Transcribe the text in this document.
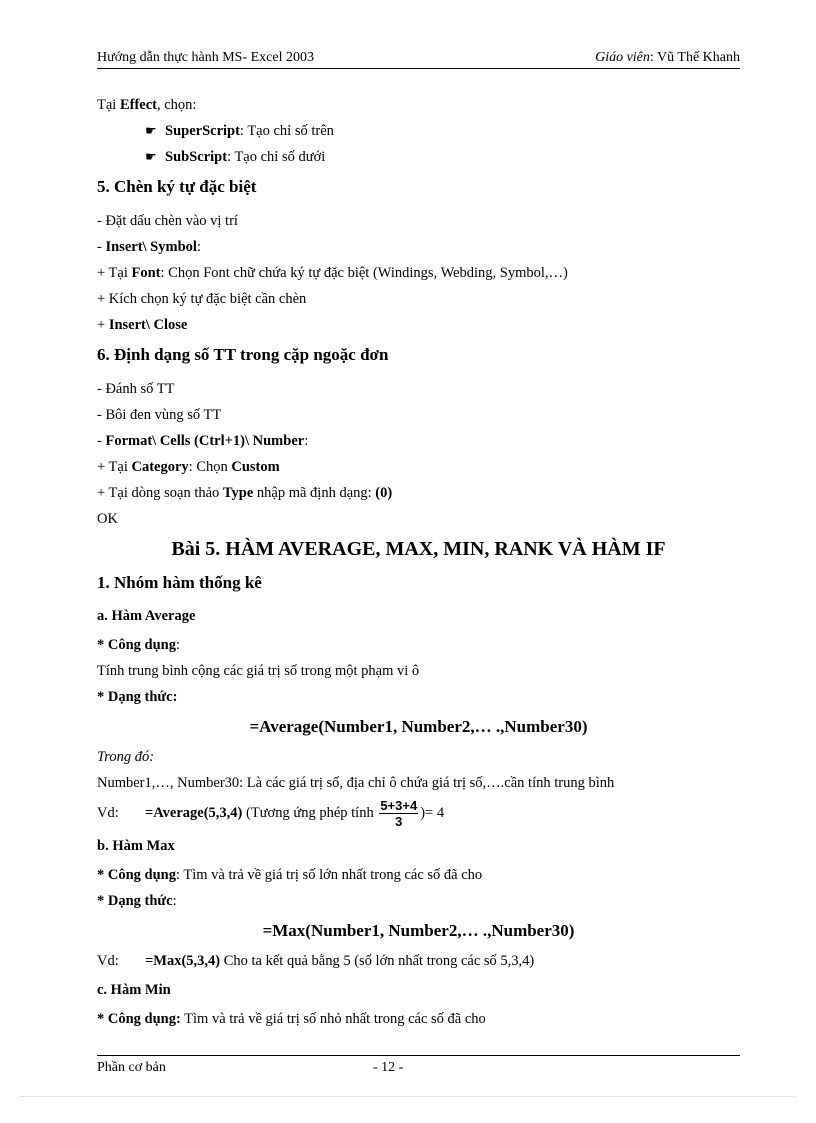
Hướng dẫn thực hành MS- Excel 2003	Giáo viên: Vũ Thế Khanh
Tại Effect, chọn:
☛ SuperScript: Tạo chỉ số trên
☛ SubScript: Tạo chỉ số dưới
5. Chèn ký tự đặc biệt
- Đặt dấu chèn vào vị trí
- Insert\ Symbol:
+ Tại Font: Chọn Font chữ chứa ký tự đặc biệt (Windings, Webding, Symbol,…)
+ Kích chọn ký tự đặc biệt cần chèn
+ Insert\ Close
6. Định dạng số TT trong cặp ngoặc đơn
- Đánh số TT
- Bôi đen vùng số TT
- Format\ Cells (Ctrl+1)\ Number:
+ Tại Category: Chọn Custom
+ Tại dòng soạn thảo Type nhập mã định dạng: (0)
OK
Bài 5. HÀM AVERAGE, MAX, MIN, RANK VÀ HÀM IF
1. Nhóm hàm thống kê
a. Hàm Average
* Công dụng:
Tính trung bình cộng các giá trị số trong một phạm vi ô
* Dạng thức:
=Average(Number1, Number2,… .,Number30)
Trong đó:
Number1,…, Number30: Là các giá trị số, địa chỉ ô chứa giá trị số,….cần tính trung bình
Vd: =Average(5,3,4) (Tương ứng phép tính $\frac{5+3+4}{3}$ )= 4
b. Hàm Max
* Công dụng: Tìm và trả về giá trị số lớn nhất trong các số đã cho
* Dạng thức:
=Max(Number1, Number2,… .,Number30)
Vd: =Max(5,3,4) Cho ta kết quả bằng 5 (số lớn nhất trong các số 5,3,4)
c. Hàm Min
* Công dụng: Tìm và trả về giá trị số nhỏ nhất trong các số đã cho
Phần cơ bản	- 12 -
